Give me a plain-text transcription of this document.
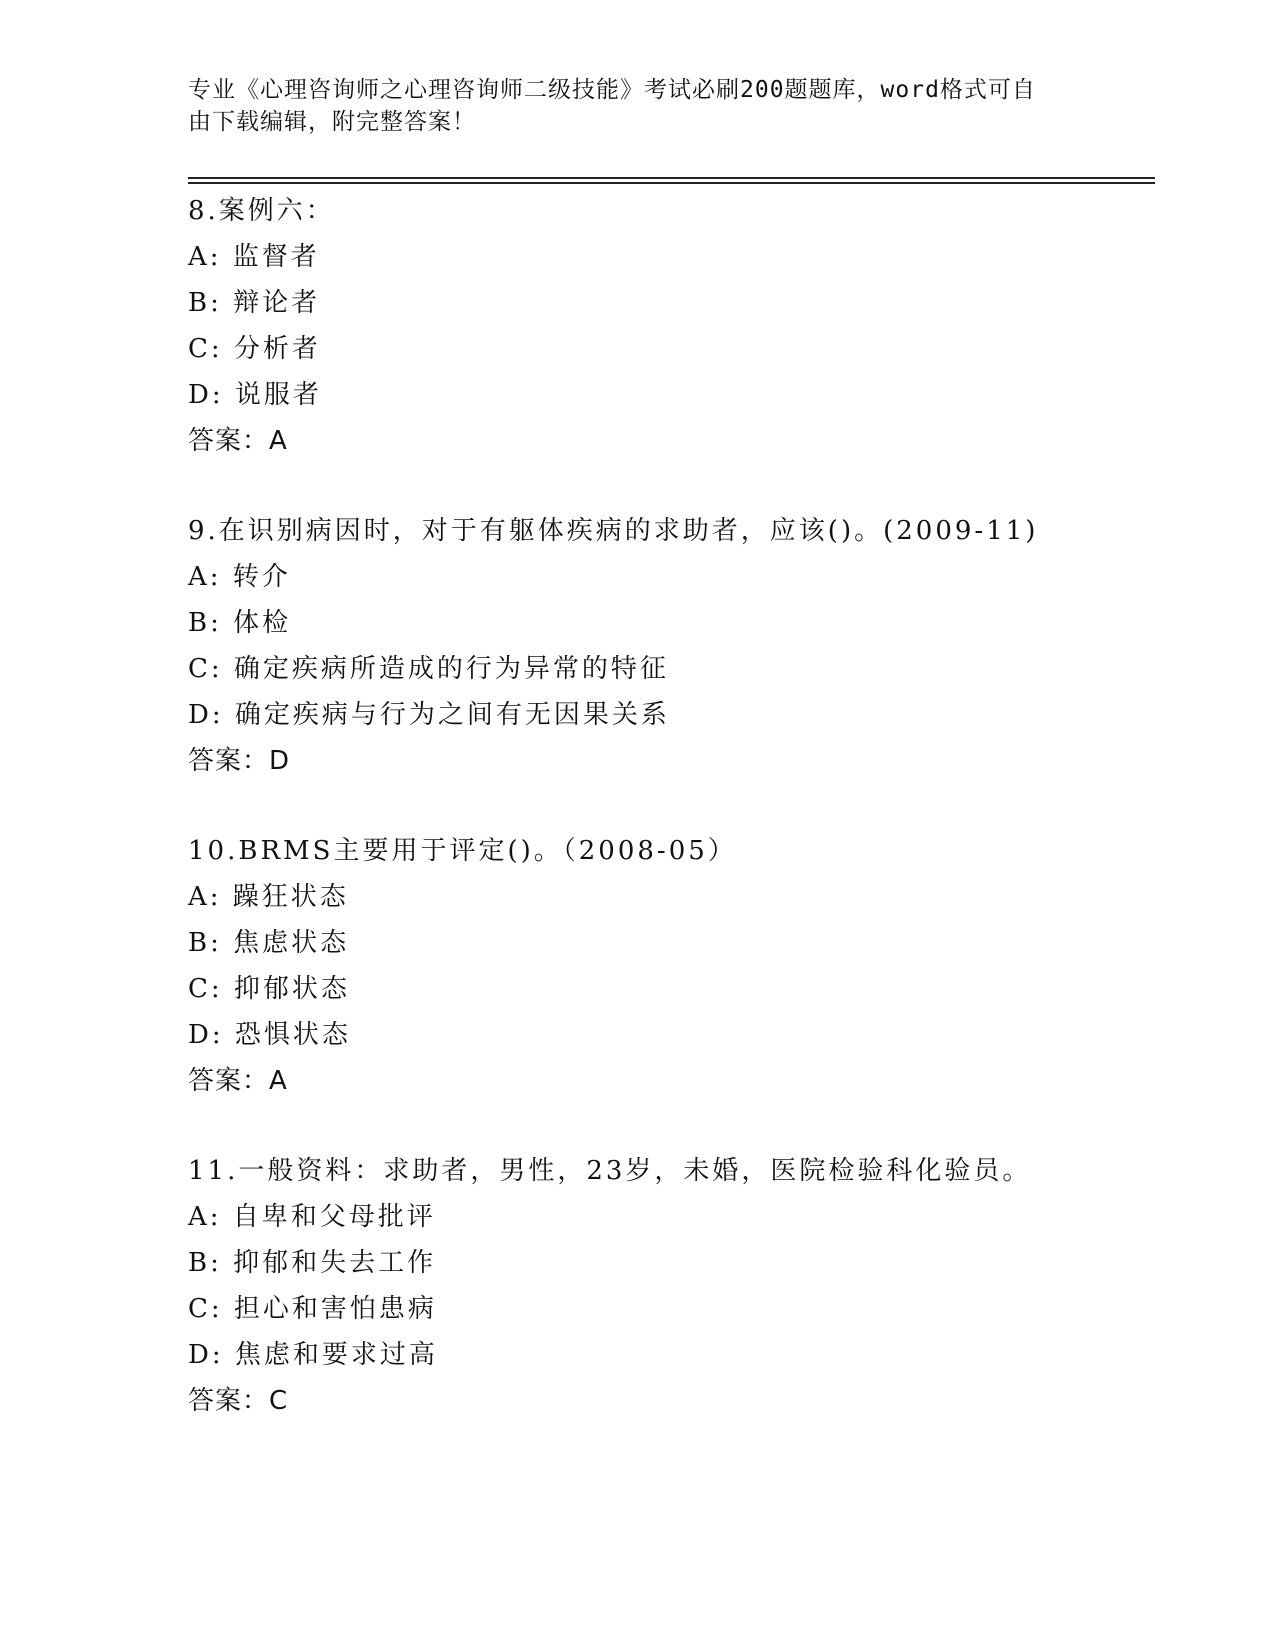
专业《心理咨询师之心理咨询师二级技能》考试必刷200题题库，word格式可自
由下载编辑，附完整答案！
8.案例六：
A: 监督者
B: 辩论者
C: 分析者
D: 说服者
答案：A
9.在识别病因时，对于有躯体疾病的求助者，应该()。(2009-11)
A: 转介
B: 体检
C: 确定疾病所造成的行为异常的特征
D: 确定疾病与行为之间有无因果关系
答案：D
10.BRMS主要用于评定()。（2008-05）
A: 躁狂状态
B: 焦虑状态
C: 抑郁状态
D: 恐惧状态
答案：A
11.一般资料：求助者，男性，23岁，未婚，医院检验科化验员。
A: 自卑和父母批评
B: 抑郁和失去工作
C: 担心和害怕患病
D: 焦虑和要求过高
答案：C
